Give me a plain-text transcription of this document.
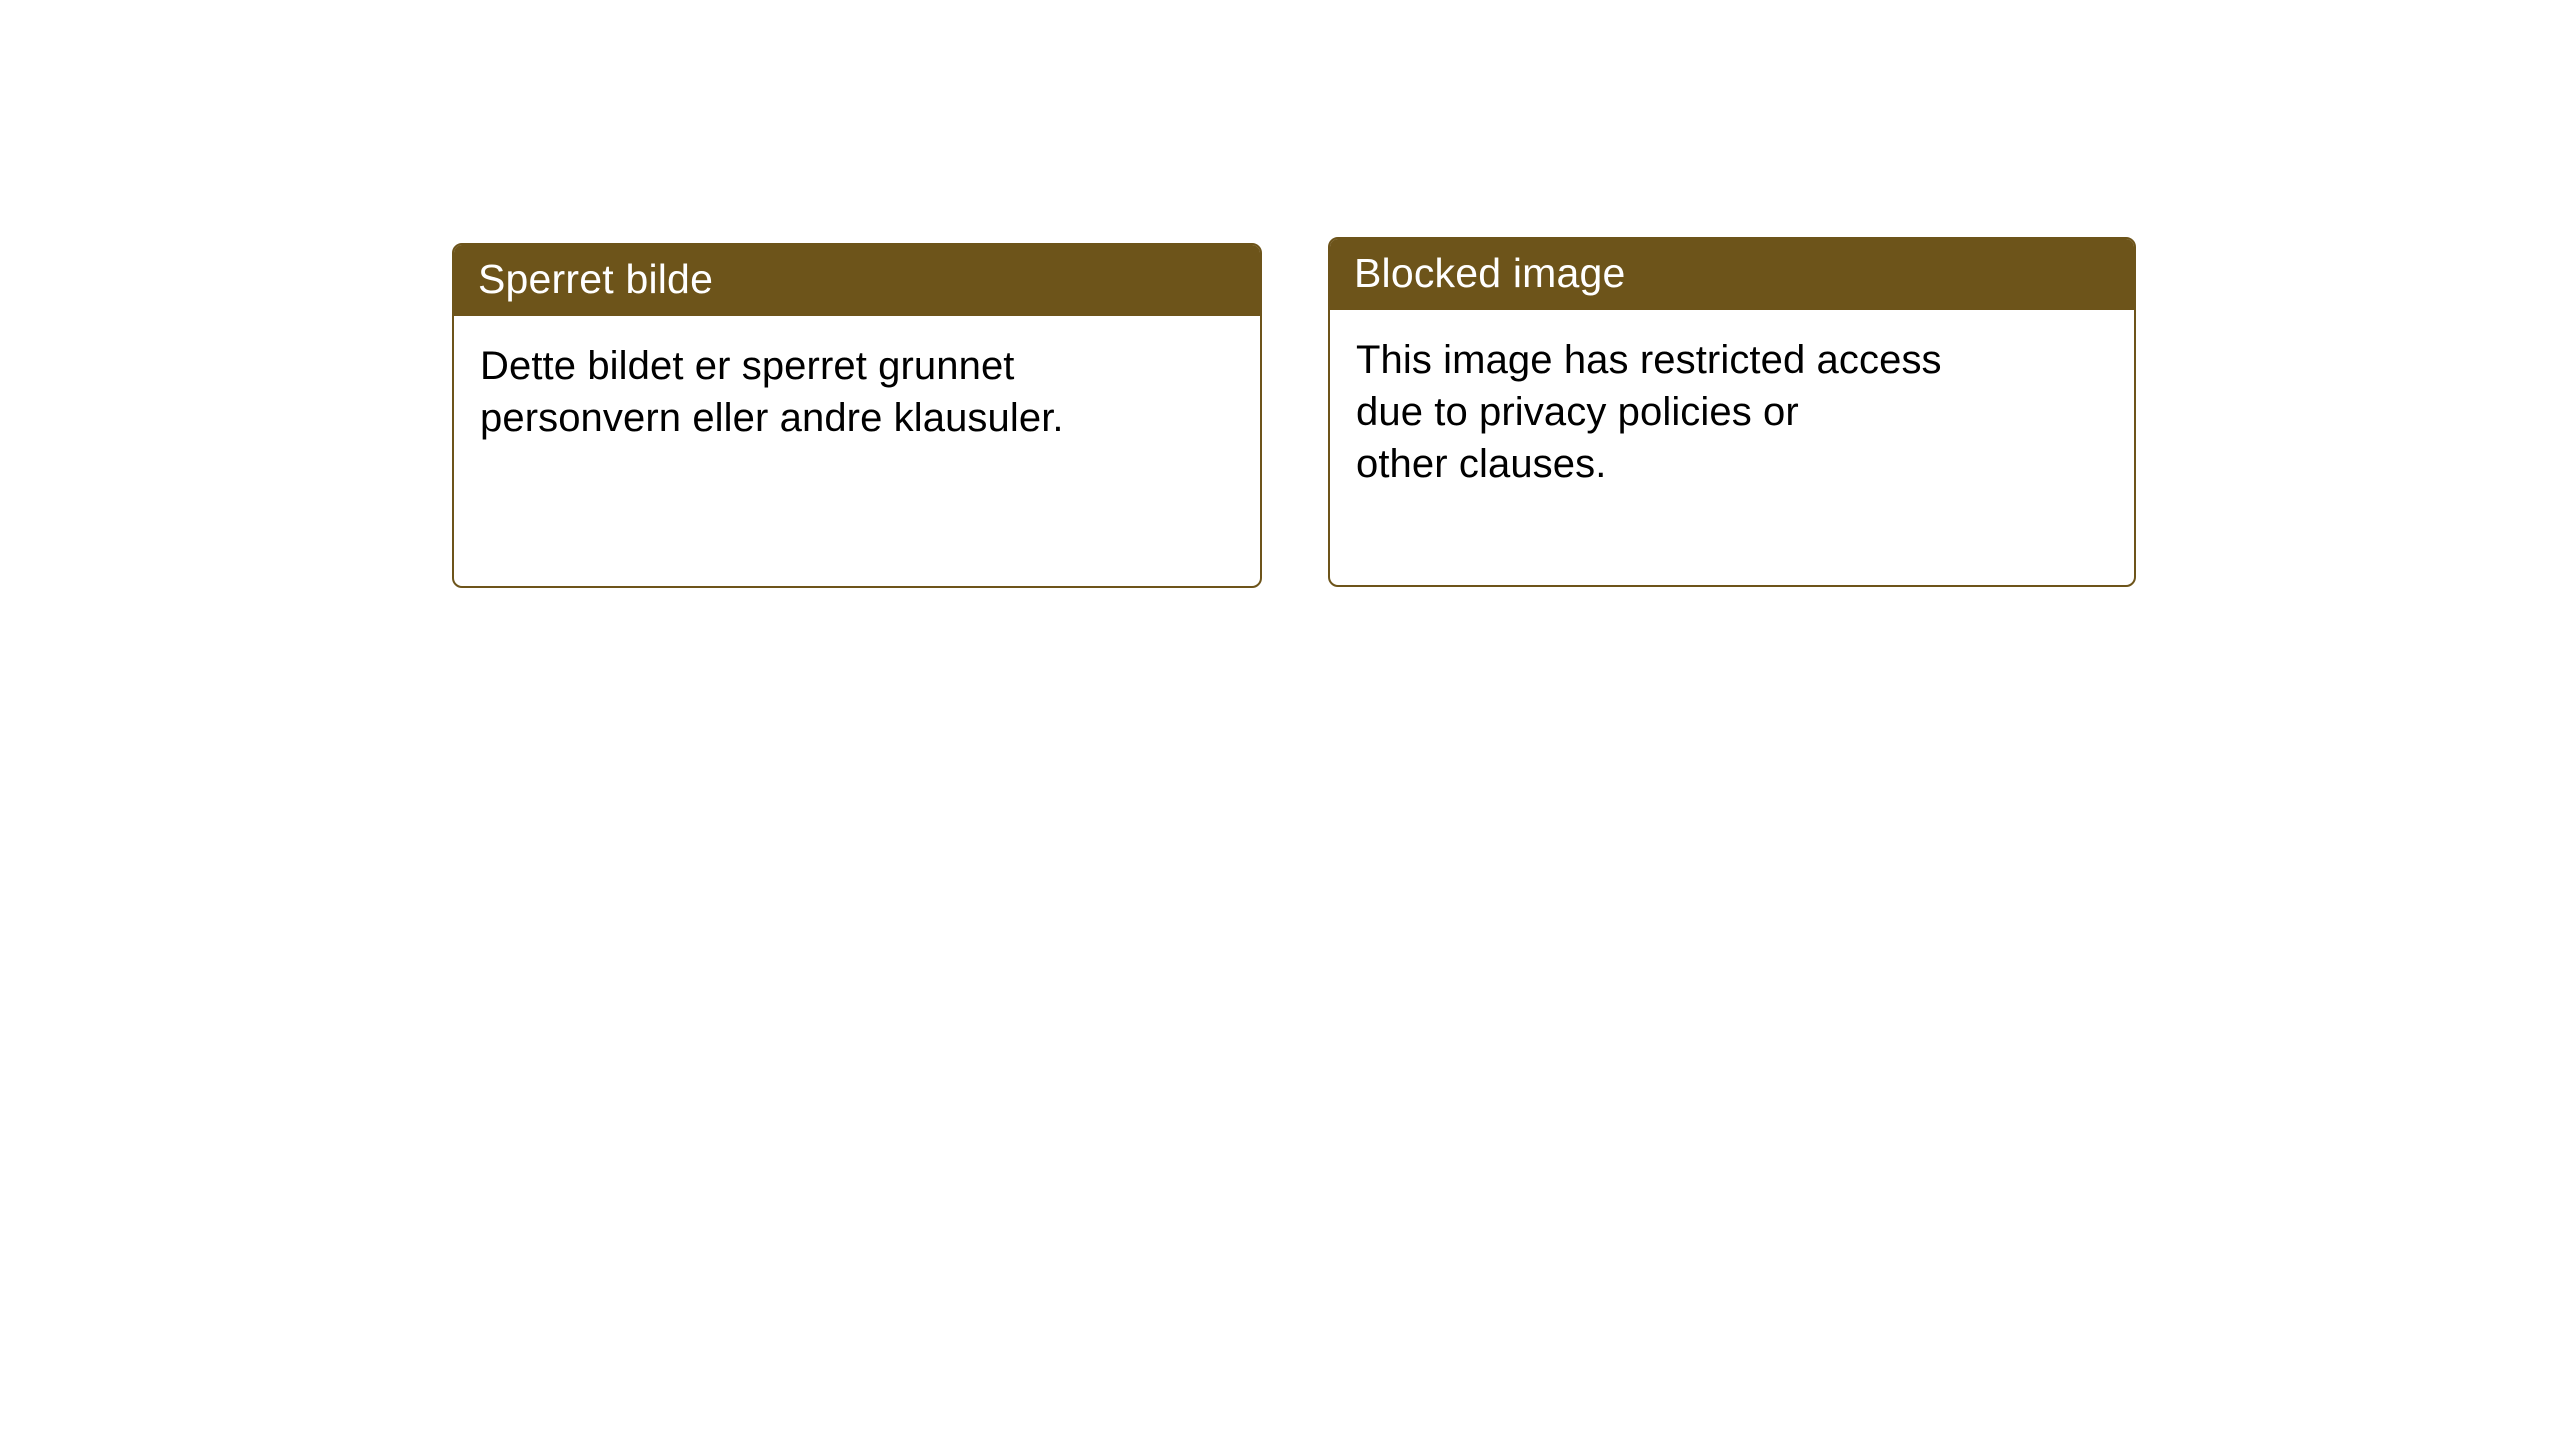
Sperret bilde

Dette bildet er sperret grunnet

personvern eller andre klausuler.

Blocked image

This image has restricted access

due to privacy policies or

other clauses.
